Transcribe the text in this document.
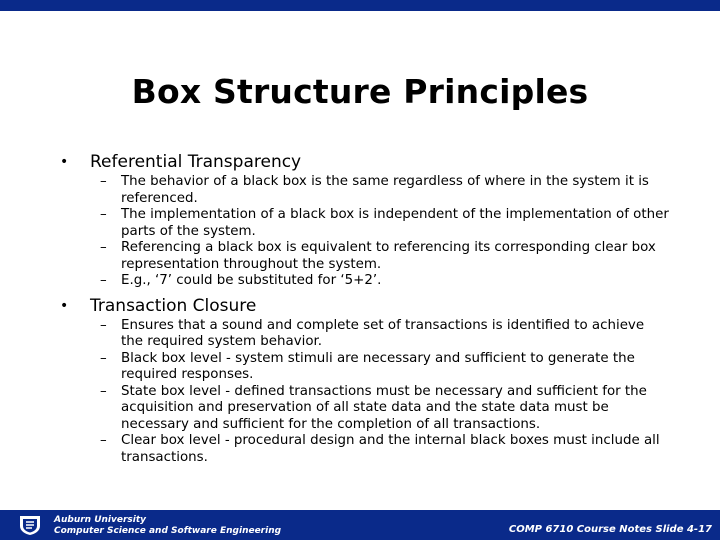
Box Structure Principles
• Referential Transparency
– The behavior of a black box is the same regardless of where in the system it is referenced.
– The implementation of a black box is independent of the implementation of other parts of the system.
– Referencing a black box is equivalent to referencing its corresponding clear box representation throughout the system.
– E.g., ‘7’ could be substituted for ‘5+2’.
• Transaction Closure
– Ensures that a sound and complete set of transactions is identified to achieve the required system behavior.
– Black box level - system stimuli are necessary and sufficient to generate the required responses.
– State box level - defined transactions must be necessary and sufficient for the acquisition and preservation of all state data and the state data must be necessary and sufficient for the completion of all transactions.
– Clear box level - procedural design and the internal black boxes must include all transactions.
Auburn University
Computer Science and Software Engineering	COMP 6710 Course Notes Slide 4-17
